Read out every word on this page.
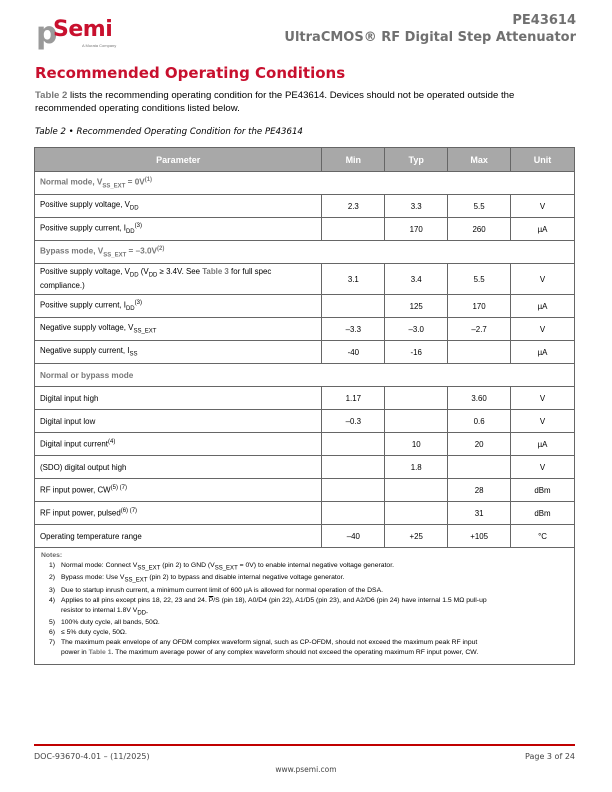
p
Semi
A Murata Company
PE43614
UltraCMOS® RF Digital Step Attenuator
Recommended Operating Conditions
Table 2 lists the recommending operating condition for the PE43614. Devices should not be operated outside the recommended operating conditions listed below.
Table 2 • Recommended Operating Condition for the PE43614
Parameter	Min	Typ	Max	Unit
Normal mode, $V_{SS\_EXT} = 0V^{(1)}$
Positive supply voltage, $V_{DD}$	2.3	3.3	5.5	V
Positive supply current, $I_{DD}^{(3)}$		170	260	µA
Bypass mode, $V_{SS\_EXT} = -3.0V^{(2)}$
Positive supply voltage, $V_{DD}$ ($V_{DD} \ge 3.4V$. See Table 3 for full spec compliance.)	3.1	3.4	5.5	V
Positive supply current, $I_{DD}^{(3)}$		125	170	µA
Negative supply voltage, $V_{SS\_EXT}$	–3.3	–3.0	–2.7	V
Negative supply current, $I_{SS}$	-40	-16		µA
Normal or bypass mode				
Digital input high	1.17		3.60	V
Digital input low	–0.3		0.6	V
Digital input current$^{(4)}$		10	20	µA
(SDO) digital output high		1.8		V
RF input power, $CW^{(5) (7)}$			28	dBm
RF input power, pulsed$^{(6) (7)}$			31	dBm
Operating temperature range	–40	+25	+105	°C

Notes:
1) Normal mode: Connect $V_{SS\_EXT}$ (pin 2) to GND $(V_{SS\_EXT} = 0V)$ to enable internal negative voltage generator.
2) Bypass mode: Use $V_{SS\_EXT}$ (pin 2) to bypass and disable internal negative voltage generator.
3) Due to startup inrush current, a minimum current limit of 600 µA is allowed for normal operation of the DSA.
4) Applies to all pins except pins 18, 22, 23 and 24. $\overline{P}/S$ (pin 18), A0/D4 (pin 22), A1/D5 (pin 23), and A2/D6 (pin 24) have internal 1.5 MΩ pull-up
resistor to internal 1.8V $V_{DD-}$
5) 100% duty cycle, all bands, 50Ω.
6) ≤ 5% duty cycle, 50Ω.
7) The maximum peak envelope of any OFDM complex waveform signal, such as CP-OFDM, should not exceed the maximum peak RF input
power in Table 1. The maximum average power of any complex waveform should not exceed the operating maximum RF input power, CW.
DOC-93670-4.01 – (11/2025)	Page 3 of 24
www.psemi.com
